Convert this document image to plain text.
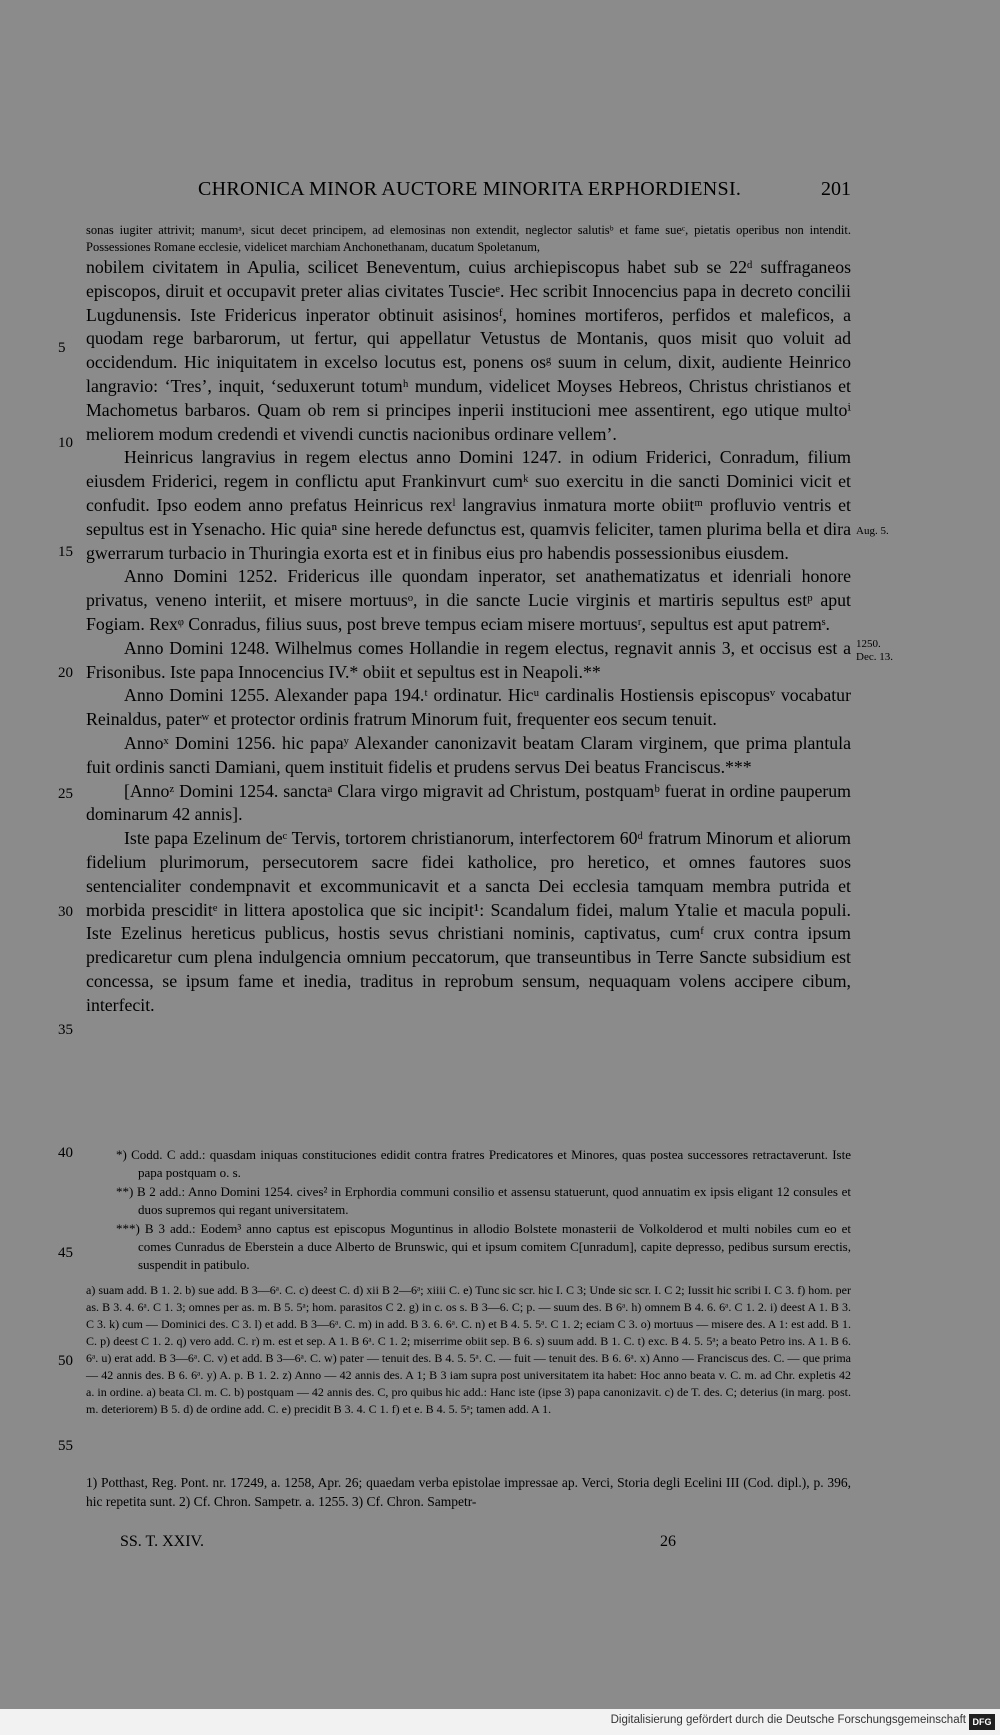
CHRONICA MINOR AUCTORE MINORITA ERPHORDIENSI.	201

sonas iugiter attrivit; manumᵃ, sicut decet principem, ad elemosinas non extendit, neglector salutisᵇ et fame sueᶜ, pietatis operibus non intendit. Possessiones Romane ecclesie, videlicet marchiam Anchonethanam, ducatum Spoletanum,

nobilem civitatem in Apulia, scilicet Beneventum, cuius archiepiscopus habet sub se 22ᵈ suffraganeos episcopos, diruit et occupavit preter alias civitates Tuscieᵉ. Hec scribit Innocencius papa in decreto concilii Lugdunensis. Iste Fridericus inperator obtinuit asisinosᶠ, homines mortiferos, perfidos et maleficos, a quodam rege barbarorum, ut fertur, qui appellatur Vetustus de Montanis, quos misit quo voluit ad occidendum. Hic iniquitatem in excelso locutus est, ponens osᵍ suum in celum, dixit, audiente Heinrico langravio: ‘Tres’, inquit, ‘seduxerunt totumʰ mundum, videlicet Moyses Hebreos, Christus christianos et Machometus barbaros. Quam ob rem si principes inperii institucioni mee assentirent, ego utique multoⁱ meliorem modum credendi et vivendi cunctis nacionibus ordinare vellem’.

Heinricus langravius in regem electus anno Domini 1247. in odium Friderici, Conradum, filium eiusdem Friderici, regem in conflictu aput Frankinvurt cumᵏ suo exercitu in die sancti Dominici vicit et confudit. Ipso eodem anno prefatus Heinricus rexˡ langravius inmatura morte obiitᵐ profluvio ventris et sepultus est in Ysenacho. Hic quiaⁿ sine herede defunctus est, quamvis feliciter, tamen plurima bella et dira gwerrarum turbacio in Thuringia exorta est et in finibus eius pro habendis possessionibus eiusdem.

Anno Domini 1252. Fridericus ille quondam inperator, set anathematizatus et idenriali honore privatus, veneno interiit, et misere mortuusᵒ, in die sancte Lucie virginis et martiris sepultus estᵖ aput Fogiam. Rexᵠ Conradus, filius suus, post breve tempus eciam misere mortuusʳ, sepultus est aput patremˢ.

Anno Domini 1248. Wilhelmus comes Hollandie in regem electus, regnavit annis 3, et occisus est a Frisonibus. Iste papa Innocencius IV.* obiit et sepultus est in Neapoli.**

Anno Domini 1255. Alexander papa 194.ᵗ ordinatur. Hicᵘ cardinalis Hostiensis episcopusᵛ vocabatur Reinaldus, paterʷ et protector ordinis fratrum Minorum fuit, frequenter eos secum tenuit.

Annoˣ Domini 1256. hic papaʸ Alexander canonizavit beatam Claram virginem, que prima plantula fuit ordinis sancti Damiani, quem instituit fidelis et prudens servus Dei beatus Franciscus.***

[Annoᶻ Domini 1254. sanctaᵃ Clara virgo migravit ad Christum, postquamᵇ fuerat in ordine pauperum dominarum 42 annis].

Iste papa Ezelinum deᶜ Tervis, tortorem christianorum, interfectorem 60ᵈ fratrum Minorum et aliorum fidelium plurimorum, persecutorem sacre fidei katholice, pro heretico, et omnes fautores suos sentencialiter condempnavit et excommunicavit et a sancta Dei ecclesia tamquam membra putrida et morbida presciditᵉ in littera apostolica que sic incipit¹: Scandalum fidei, malum Ytalie et macula populi. Iste Ezelinus hereticus publicus, hostis sevus christiani nominis, captivatus, cumᶠ crux contra ipsum predicaretur cum plena indulgencia omnium peccatorum, que transeuntibus in Terre Sancte subsidium est concessa, se ipsum fame et inedia, traditus in reprobum sensum, nequaquam volens accipere cibum, interfecit.

5
10
15
20
25
30
35
40
45
50
55
Aug. 5.
1250. Dec. 13.

*) Codd. C add.: quasdam iniquas constituciones edidit contra fratres Predicatores et Minores, quas postea successores retractaverunt. Iste papa postquam o. s.

**) B 2 add.: Anno Domini 1254. cives² in Erphordia communi consilio et assensu statuerunt, quod annuatim ex ipsis eligant 12 consules et duos supremos qui regant universitatem.

***) B 3 add.: Eodem³ anno captus est episcopus Moguntinus in allodio Bolstete monasterii de Volkolderod et multi nobiles cum eo et comes Cunradus de Eberstein a duce Alberto de Brunswic, qui et ipsum comitem C[unradum], capite depresso, pedibus sursum erectis, suspendit in patibulo.

a) suam add. B 1. 2. b) sue add. B 3—6ᵃ. C. c) deest C. d) xii B 2—6ᵃ; xiiii C. e) Tunc sic scr. hic I. C 3; Unde sic scr. I. C 2; Iussit hic scribi I. C 3. f) hom. per as. B 3. 4. 6ᵃ. C 1. 3; omnes per as. m. B 5. 5ᵃ; hom. parasitos C 2. g) in c. os s. B 3—6. C; p. — suum des. B 6ᵃ. h) omnem B 4. 6. 6ᵃ. C 1. 2. i) deest A 1. B 3. C 3. k) cum — Dominici des. C 3. l) et add. B 3—6ᵃ. C. m) in add. B 3. 6. 6ᵃ. C. n) et B 4. 5. 5ᵃ. C 1. 2; eciam C 3. o) mortuus — misere des. A 1: est add. B 1. C. p) deest C 1. 2. q) vero add. C. r) m. est et sep. A 1. B 6ᵃ. C 1. 2; miserrime obiit sep. B 6. s) suum add. B 1. C. t) exc. B 4. 5. 5ᵃ; a beato Petro ins. A 1. B 6. 6ᵃ. u) erat add. B 3—6ᵃ. C. v) et add. B 3—6ᵃ. C. w) pater — tenuit des. B 4. 5. 5ᵃ. C. — fuit — tenuit des. B 6. 6ᵃ. x) Anno — Franciscus des. C. — que prima — 42 annis des. B 6. 6ᵃ. y) A. p. B 1. 2. z) Anno — 42 annis des. A 1; B 3 iam supra post universitatem ita habet: Hoc anno beata v. C. m. ad Chr. expletis 42 a. in ordine. a) beata Cl. m. C. b) postquam — 42 annis des. C, pro quibus hic add.: Hanc iste (ipse 3) papa canonizavit. c) de T. des. C; deterius (in marg. post. m. deteriorem) B 5. d) de ordine add. C. e) precidit B 3. 4. C 1. f) et e. B 4. 5. 5ᵃ; tamen add. A 1.

1) Potthast, Reg. Pont. nr. 17249, a. 1258, Apr. 26; quaedam verba epistolae impressae ap. Verci, Storia degli Ecelini III (Cod. dipl.), p. 396, hic repetita sunt. 2) Cf. Chron. Sampetr. a. 1255. 3) Cf. Chron. Sampetr-

SS. T. XXIV.	26
Digitalisierung gefördert durch die Deutsche Forschungsgemeinschaft DFG
